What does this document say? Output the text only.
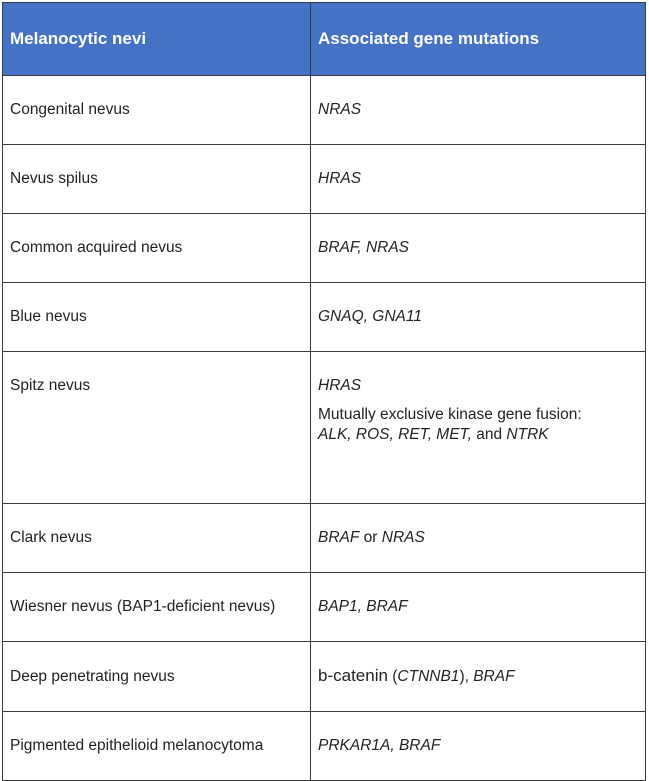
Melanocytic nevi	Associated gene mutations
Congenital nevus	NRAS
Nevus spilus	HRAS
Common acquired nevus	BRAF, NRAS
Blue nevus	GNAQ, GNA11
Spitz nevus	HRAS
Mutually exclusive kinase gene fusion:
ALK, ROS, RET, MET, and NTRK

Clark nevus	BRAF or NRAS
Wiesner nevus (BAP1-deficient nevus)	BAP1, BRAF
Deep penetrating nevus	b-catenin (CTNNB1), BRAF
Pigmented epithelioid melanocytoma	PRKAR1A, BRAF
